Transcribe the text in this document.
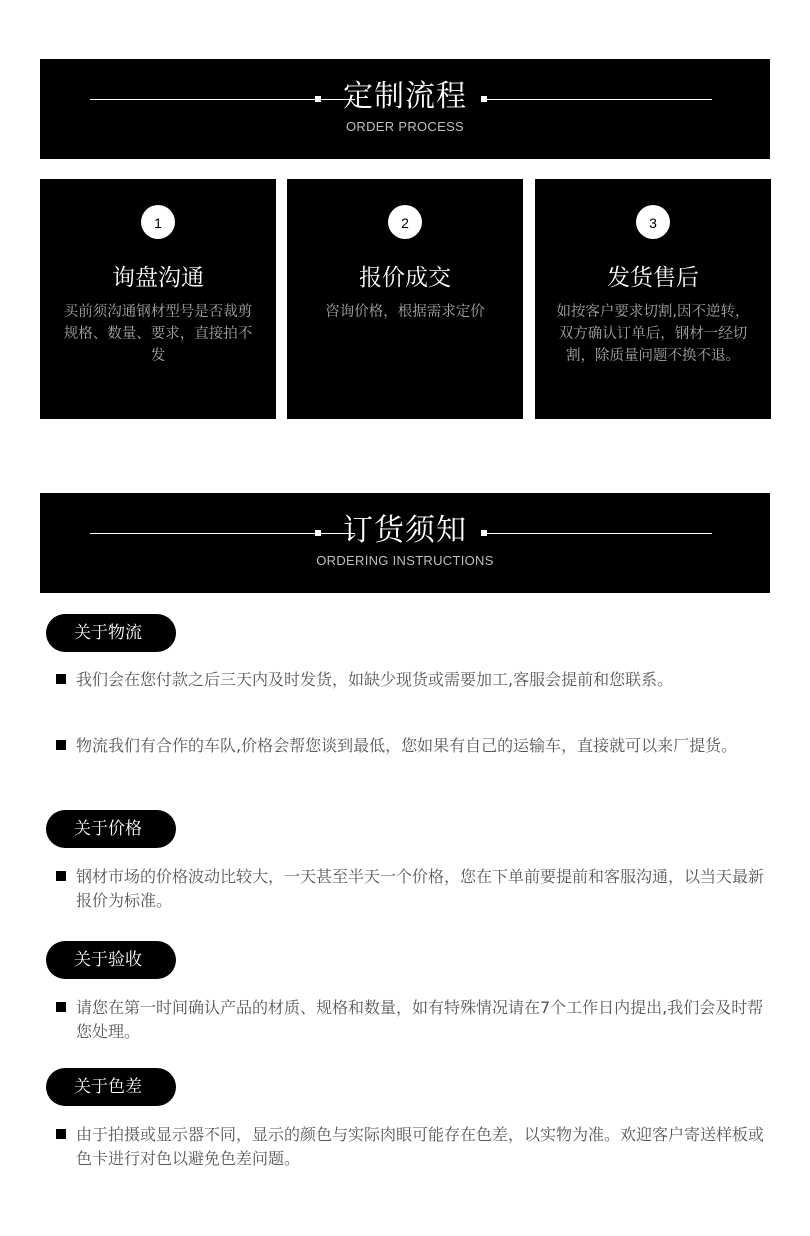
定制流程
ORDER PROCESS
1
询盘沟通
买前须沟通钢材型号是否裁剪规格、数量、要求，直接拍不发
2
报价成交
咨询价格，根据需求定价
3
发货售后
如按客户要求切割,因不逆转，双方确认订单后，钢材一经切割，除质量问题不换不退。
订货须知
ORDERING INSTRUCTIONS
关于物流
我们会在您付款之后三天内及时发货，如缺少现货或需要加工,客服会提前和您联系。
物流我们有合作的车队,价格会帮您谈到最低，您如果有自己的运输车，直接就可以来厂提货。
关于价格
钢材市场的价格波动比较大，一天甚至半天一个价格，您在下单前要提前和客服沟通，以当天最新报价为标准。
关于验收
请您在第一时间确认产品的材质、规格和数量，如有特殊情况请在7个工作日内提出,我们会及时帮您处理。
关于色差
由于拍摄或显示器不同，显示的颜色与实际肉眼可能存在色差，以实物为准。欢迎客户寄送样板或色卡进行对色以避免色差问题。
